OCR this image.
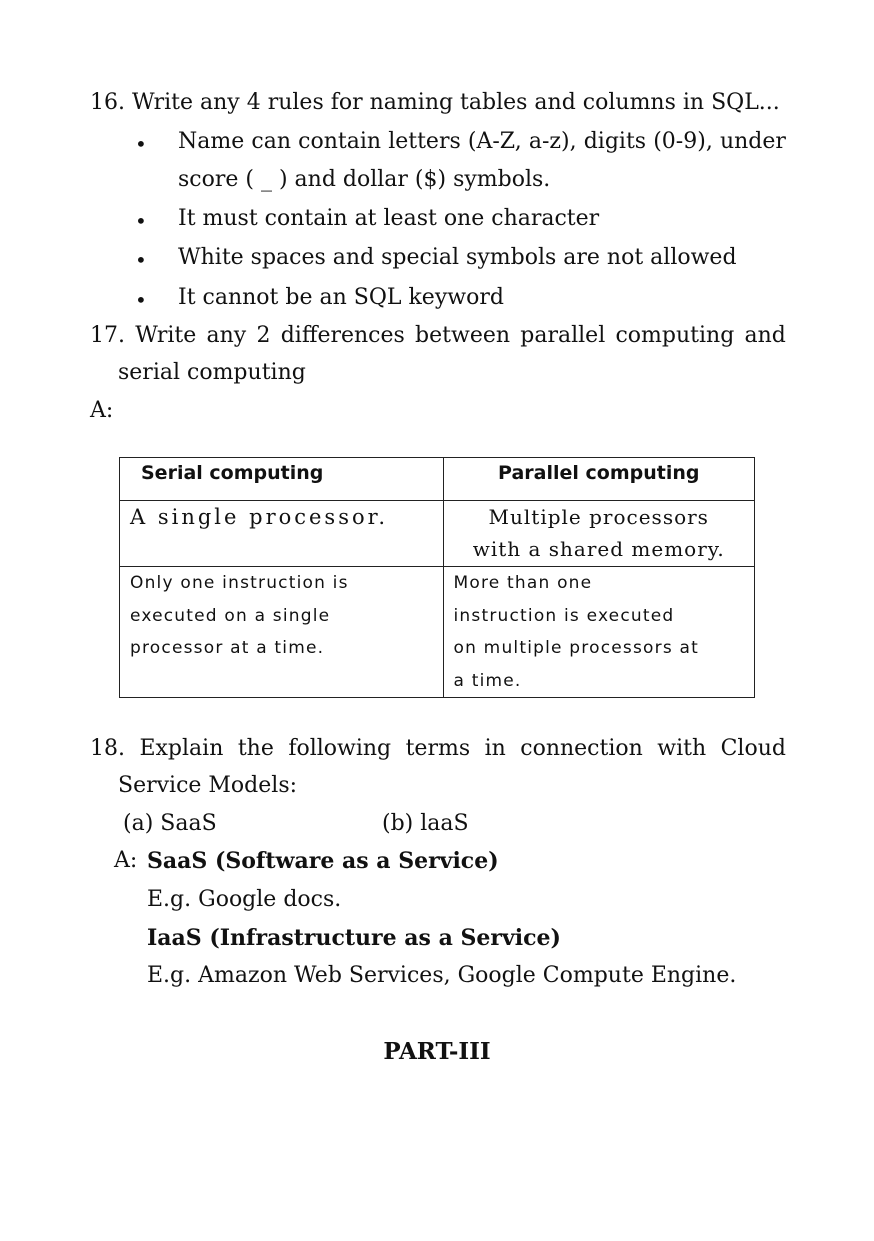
16. Write any 4 rules for naming tables and columns in SQL...
• Name can contain letters (A-Z, a-z), digits (0-9), under
score ( _ ) and dollar ($) symbols.
• It must contain at least one character
• White spaces and special symbols are not allowed
• It cannot be an SQL keyword
17. Write any 2 differences between parallel computing and
serial computing
A:
Serial computing	Parallel computing
A single processor.	Multiple processors
with a shared memory.
Only one instruction is
executed on a single
processor at a time.	More than one
instruction is executed
on multiple processors at
a time.
18. Explain the following terms in connection with Cloud
Service Models:
(a) SaaS	(b) laaS
A: SaaS (Software as a Service)
E.g. Google docs.
IaaS (Infrastructure as a Service)
E.g. Amazon Web Services, Google Compute Engine.
PART-III
